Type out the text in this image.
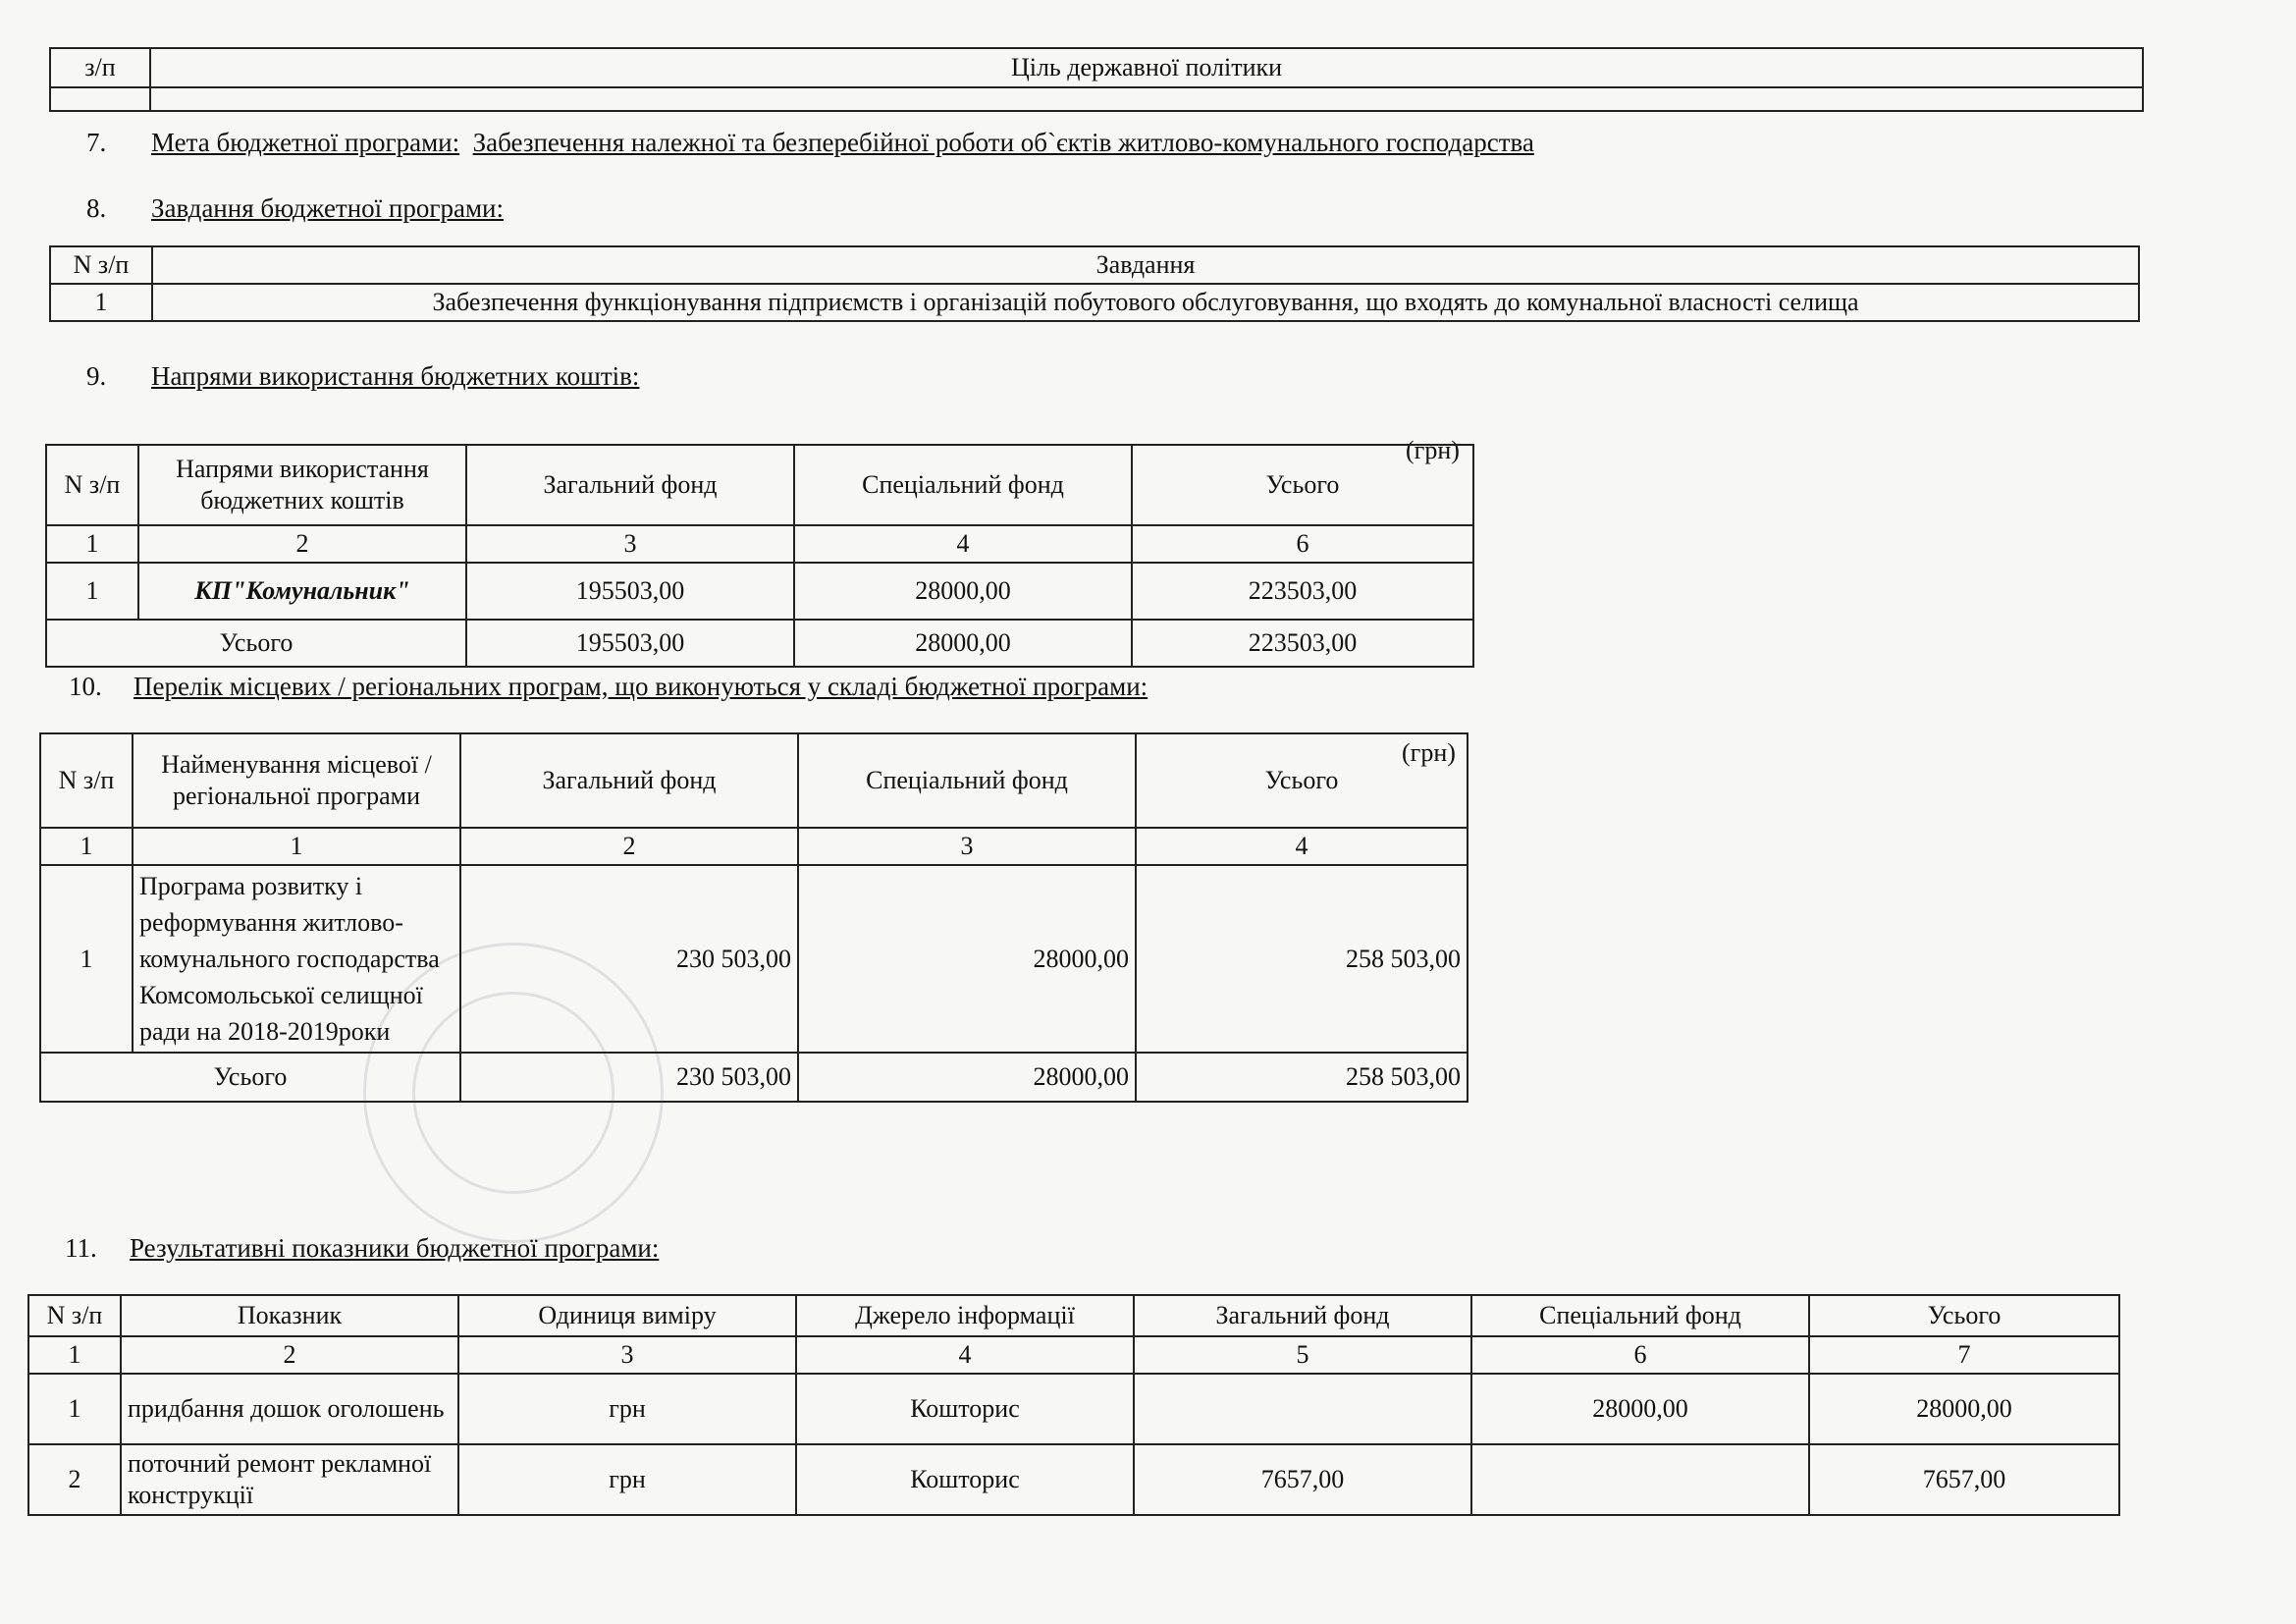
з/п	Ціль державної політики

7. Мета бюджетної програми: Забезпечення належної та безперебійної роботи об`єктів житлово-комунального господарства
8. Завдання бюджетної програми:
N з/п	Завдання
1	Забезпечення функціонування підприємств і організацій побутового обслуговування, що входять до комунальної власності селища
9. Напрями використання бюджетних коштів:
(грн)
N з/п	Напрями використання бюджетних коштів	Загальний фонд	Спеціальний фонд	Усього
1	2	3	4	6
1	КП"Комунальник"	195503,00	28000,00	223503,00
Усього		195503,00	28000,00	223503,00
10. Перелік місцевих / регіональних програм, що виконуються у складі бюджетної програми:
(грн)
N з/п	Найменування місцевої / регіональної програми	Загальний фонд	Спеціальний фонд	Усього
1	1	2	3	4
1	Програма розвитку і реформування житлово-комунального господарства Комсомольської селищної ради на 2018-2019роки	230 503,00	28000,00	258 503,00
Усього		230 503,00	28000,00	258 503,00
11. Результативні показники бюджетної програми:
N з/п	Показник	Одиниця виміру	Джерело інформації	Загальний фонд	Спеціальний фонд	Усього
1	2	3	4	5	6	7
1	придбання дошок оголошень	грн	Кошторис		28000,00	28000,00
2	поточний ремонт рекламної конструкції	грн	Кошторис	7657,00		7657,00
